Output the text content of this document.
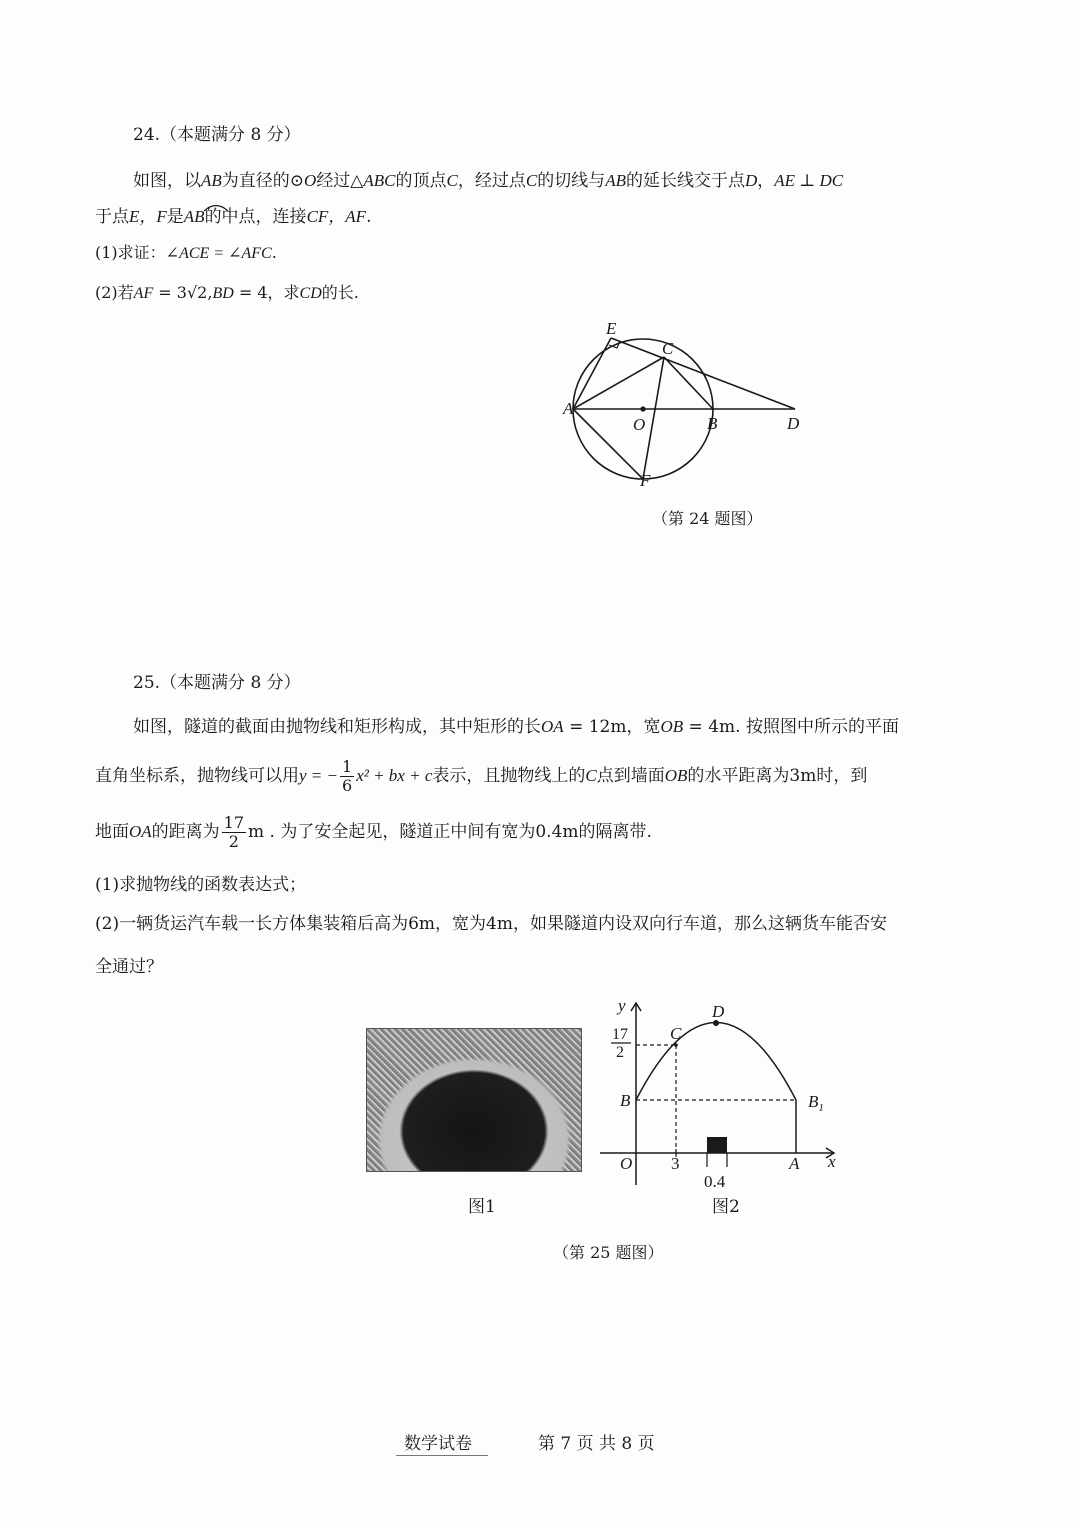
24.（本题满分 8 分）
如图，以AB为直径的⊙O经过△ABC的顶点C，经过点C的切线与AB的延长线交于点D，AE ⊥ DC
于点E，F是AB的中点，连接CF，AF.
(1)求证：∠ACE = ∠AFC.
(2)若AF = 3√2,BD = 4，求CD的长.
E
C
A
O	B	D
F
（第 24 题图）
25.（本题满分 8 分）
如图，隧道的截面由抛物线和矩形构成，其中矩形的长OA = 12m，宽OB = 4m. 按照图中所示的平面
直角坐标系，抛物线可以用y = − $\frac{1}{6} x^2$ + bx + c表示，且抛物线上的C点到墙面OB的水平距离为3m时，到
地面OA的距离为 $\frac{17}{2}$ m . 为了安全起见，隧道正中间有宽为0.4m的隔离带.
(1)求抛物线的函数表达式；
(2)一辆货运汽车载一长方体集装箱后高为6m，宽为4m，如果隧道内设双向行车道，那么这辆货车能否安
全通过？
y	D
C
17
2
B	$B_1$
O 3	A x
0.4
图1	图2
（第 25 题图）
数学试卷	第 7 页 共 8 页
